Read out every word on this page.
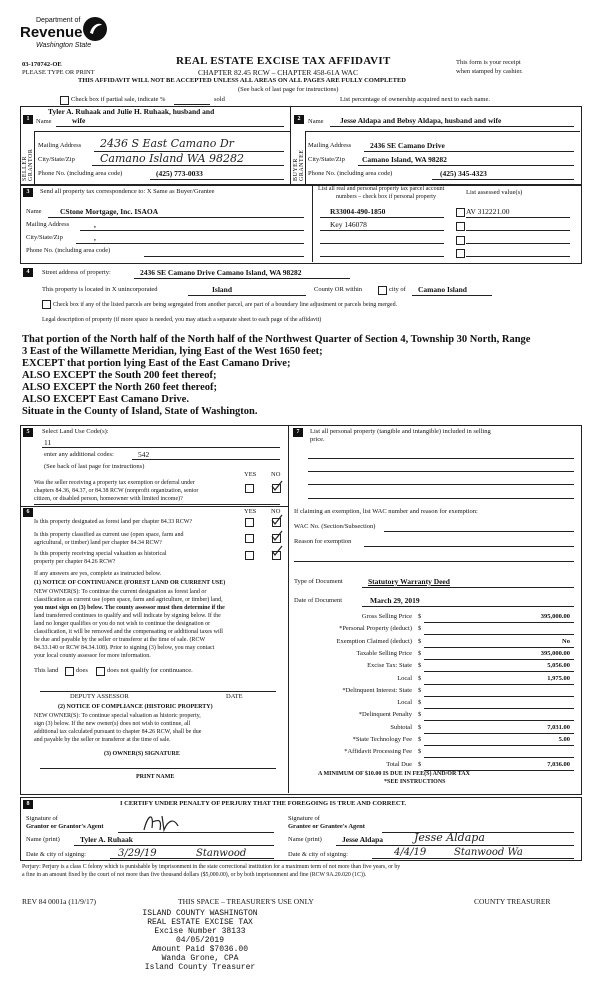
Department of
Revenue
Washington State
03-170742-OE
PLEASE TYPE OR PRINT
REAL ESTATE EXCISE TAX AFFIDAVIT
CHAPTER 82.45 RCW – CHAPTER 458-61A WAC
This form is your receipt
when stamped by cashier.
THIS AFFIDAVIT WILL NOT BE ACCEPTED UNLESS ALL AREAS ON ALL PAGES ARE FULLY COMPLETED
(See back of last page for instructions)
Check box if partial sale, indicate %	sold	List percentage of ownership acquired next to each name.
1
SELLER GRANTOR
Tyler A. Ruhaak and Julie H. Ruhaak, husband and
Name	wife
Mailing Address 2436 S East Camano Dr
City/State/Zip Camano Island WA 98282
Phone No. (including area code)	(425) 773-0033
2
BUYER GRANTEE
Name Jesse Aldapa and Bebsy Aldapa, husband and wife
Mailing Address	2436 SE Camano Drive
City/State/Zip Camano Island, WA 98282
Phone No. (including area code)	(425) 345-4323
3	Send all property tax correspondence to: X Same as Buyer/Grantee
Name CStone Mortgage, Inc. ISAOA
Mailing Address	,
City/State/Zip	,
Phone No. (including area code)
List all real and personal property tax parcel account
numbers – check box if personal property
List assessed value(s)
R33004-490-1850	AV 312221.00
Key 146078
4	Street address of property:	2436 SE Camano Drive Camano Island, WA 98282
This property is located in X unincorporated	Island	County OR within	city of Camano Island
Check box if any of the listed parcels are being segregated from another parcel, are part of a boundary line adjustment or parcels being merged.
Legal description of property (if more space is needed, you may attach a separate sheet to each page of the affidavit)
That portion of the North half of the North half of the Northwest Quarter of Section 4, Township 30 North, Range
3 East of the Willamette Meridian, lying East of the West 1650 feet;
EXCEPT that portion lying East of the East Camano Drive;
ALSO EXCEPT the South 200 feet thereof;
ALSO EXCEPT the North 260 feet thereof;
ALSO EXCEPT East Camano Drive.
Situate in the County of Island, State of Washington.
5	Select Land Use Code(s):
11
enter any additional codes:	542
(See back of last page for instructions)
YES NO
Was the seller receiving a property tax exemption or deferral under
chapters 84.36, 84.37, or 84.38 RCW (nonprofit organization, senior
citizen, or disabled person, homeowner with limited income)?
6	YES NO
Is this property designated as forest land per chapter 84.33 RCW?
Is this property classified as current use (open space, farm and
agricultural, or timber) land per chapter 84.34 RCW?
Is this property receiving special valuation as historical
property per chapter 84.26 RCW?
If any answers are yes, complete as instructed below.
(1) NOTICE OF CONTINUANCE (FOREST LAND OR CURRENT USE)
NEW OWNER(S): To continue the current designation as forest land or
classification as current use (open space, farm and agriculture, or timber) land,
you must sign on (3) below. The county assessor must then determine if the
land transferred continues to qualify and will indicate by signing below. If the
land no longer qualifies or you do not wish to continue the designation or
classification, it will be removed and the compensating or additional taxes will
be due and payable by the seller or transferor at the time of sale. (RCW
84.33.140 or RCW 84.34.108). Prior to signing (3) below, you may contact
your local county assessor for more information.
This land	does	does not qualify for continuance.
DEPUTY ASSESSOR	DATE
(2) NOTICE OF COMPLIANCE (HISTORIC PROPERTY)
NEW OWNER(S): To continue special valuation as historic property,
sign (3) below. If the new owner(s) does not wish to continue, all
additional tax calculated pursuant to chapter 84.26 RCW, shall be due
and payable by the seller or transferor at the time of sale.
(3) OWNER(S) SIGNATURE
PRINT NAME
7	List all personal property (tangible and intangible) included in selling
price.
If claiming an exemption, list WAC number and reason for exemption:
WAC No. (Section/Subsection)
Reason for exemption
Type of Document	Statutory Warranty Deed
Date of Document	March 29, 2019
Gross Selling Price $	395,000.00
*Personal Property (deduct) $
Exemption Claimed (deduct) $	No
Taxable Selling Price $	395,000.00
Excise Tax: State $	5,056.00
Local $	1,975.00
*Delinquent Interest: State $
Local $
*Delinquent Penalty $
Subtotal $	7,031.00
*State Technology Fee $	5.00
*Affidavit Processing Fee $
Total Due $	7,036.00
A MINIMUM OF $10.00 IS DUE IN FEE(S) AND/OR TAX
*SEE INSTRUCTIONS
8	I CERTIFY UNDER PENALTY OF PERJURY THAT THE FOREGOING IS TRUE AND CORRECT.
Signature of
Grantor or Grantor's Agent
Name (print)	Tyler A. Ruhaak
Date & city of signing:	3/29/19	Stanwood
Signature of
Grantee or Grantee's Agent
Name (print)	Jesse Aldapa	Jesse Aldapa
Date & city of signing:	4/4/19	Stanwood Wa
Perjury: Perjury is a class C felony which is punishable by imprisonment in the state correctional institution for a maximum term of not more than five years, or by
a fine in an amount fixed by the court of not more than five thousand dollars ($5,000.00), or by both imprisonment and fine (RCW 9A.20.020 (1C)).
REV 84 0001a (11/9/17)	THIS SPACE – TREASURER'S USE ONLY	COUNTY TREASURER
ISLAND COUNTY WASHINGTON
REAL ESTATE EXCISE TAX
Excise Number 38133
04/05/2019
Amount Paid $7036.00
Wanda Grone, CPA
Island County Treasurer
